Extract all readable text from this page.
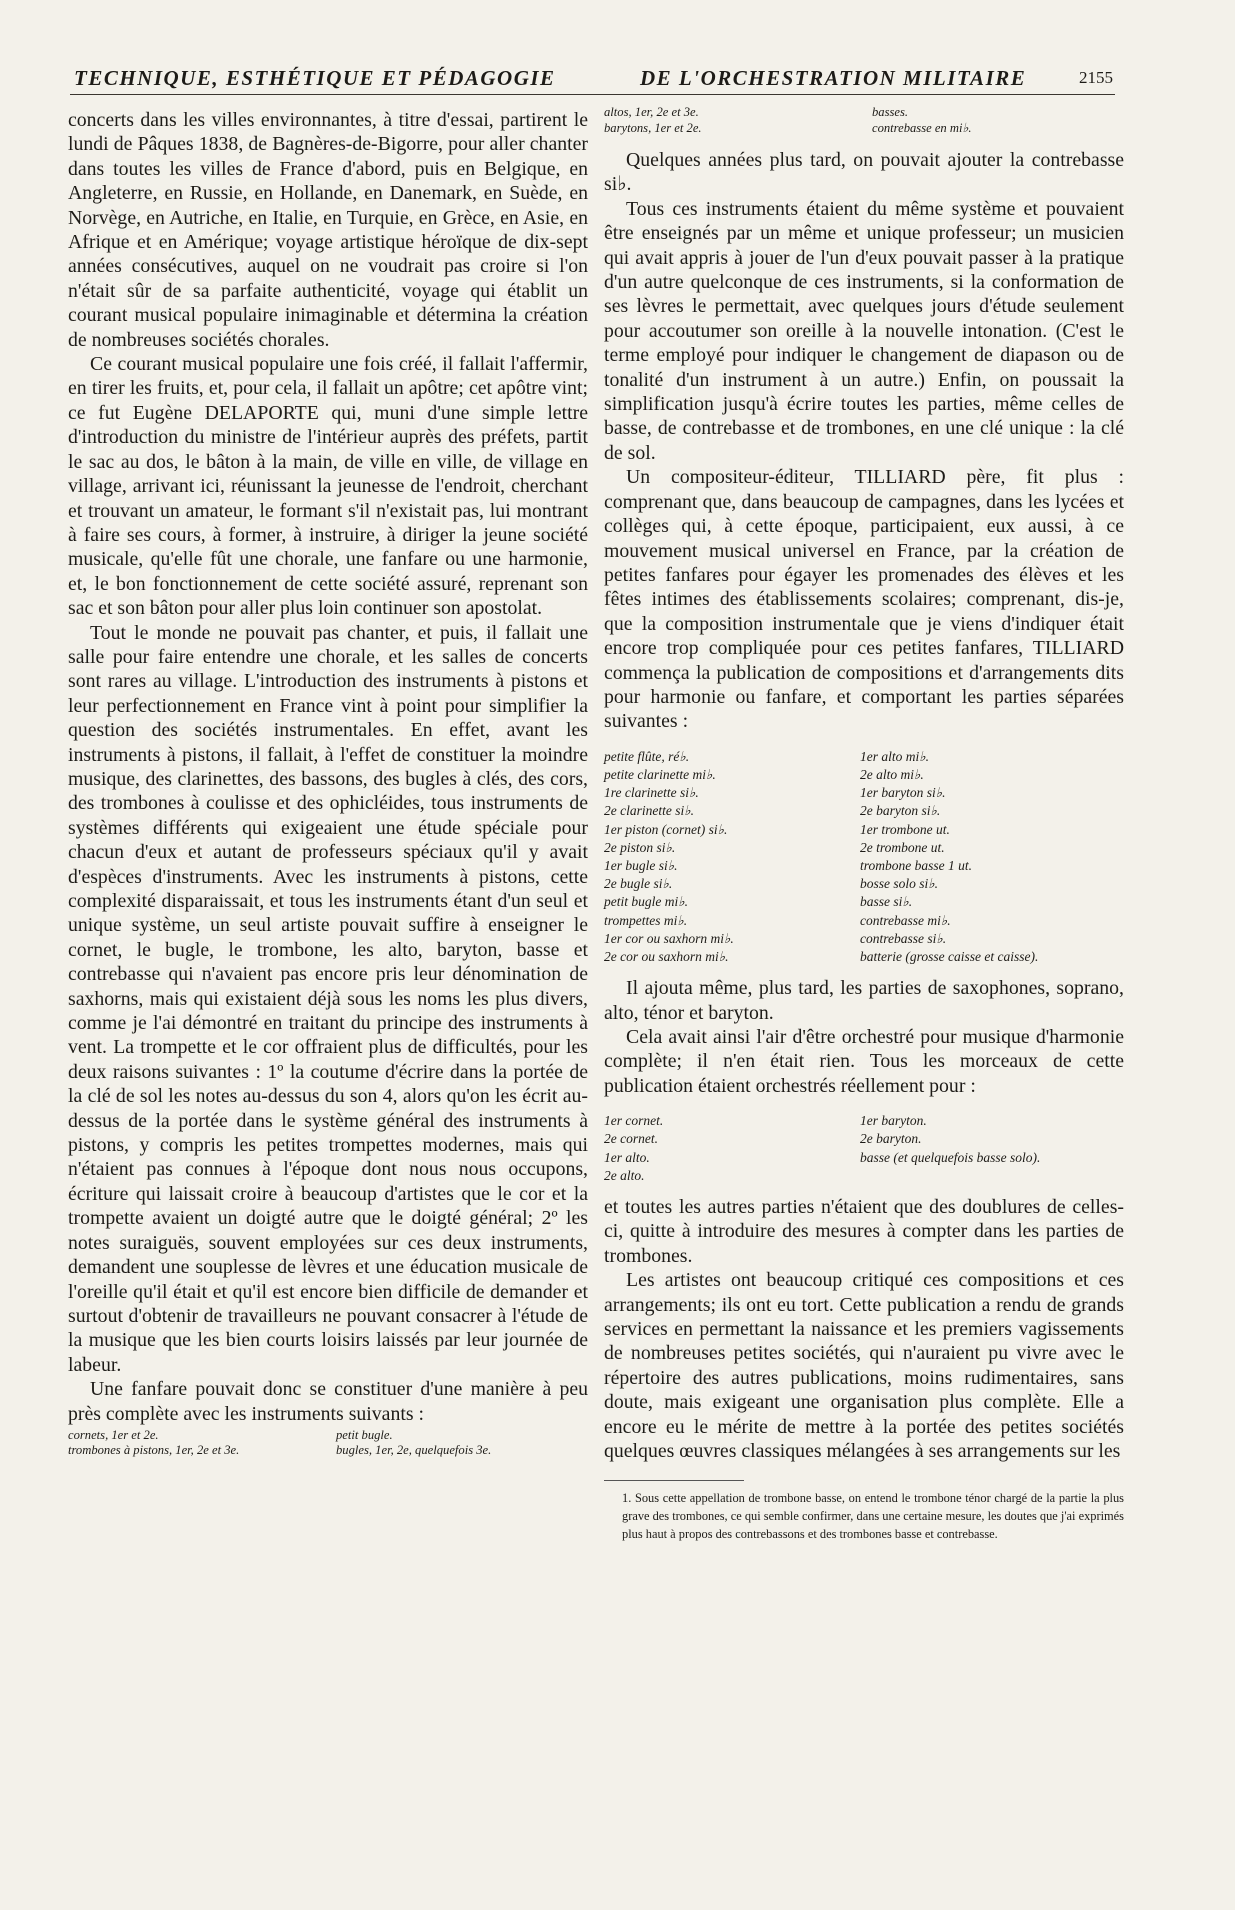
TECHNIQUE, ESTHÉTIQUE ET PÉDAGOGIE	DE L'ORCHESTRATION MILITAIRE	2155

concerts dans les villes environnantes, à titre d'essai, partirent le lundi de Pâques 1838, de Bagnères-de-Bigorre, pour aller chanter dans toutes les villes de France d'abord, puis en Belgique, en Angleterre, en Russie, en Hollande, en Danemark, en Suède, en Norvège, en Autriche, en Italie, en Turquie, en Grèce, en Asie, en Afrique et en Amérique; voyage artistique héroïque de dix-sept années consécutives, auquel on ne voudrait pas croire si l'on n'était sûr de sa parfaite authenticité, voyage qui établit un courant musical populaire inimaginable et détermina la création de nombreuses sociétés chorales.

Ce courant musical populaire une fois créé, il fallait l'affermir, en tirer les fruits, et, pour cela, il fallait un apôtre; cet apôtre vint; ce fut Eugène DELAPORTE qui, muni d'une simple lettre d'introduction du ministre de l'intérieur auprès des préfets, partit le sac au dos, le bâton à la main, de ville en ville, de village en village, arrivant ici, réunissant la jeunesse de l'endroit, cherchant et trouvant un amateur, le formant s'il n'existait pas, lui montrant à faire ses cours, à former, à instruire, à diriger la jeune société musicale, qu'elle fût une chorale, une fanfare ou une harmonie, et, le bon fonctionnement de cette société assuré, reprenant son sac et son bâton pour aller plus loin continuer son apostolat.

Tout le monde ne pouvait pas chanter, et puis, il fallait une salle pour faire entendre une chorale, et les salles de concerts sont rares au village. L'introduction des instruments à pistons et leur perfectionnement en France vint à point pour simplifier la question des sociétés instrumentales. En effet, avant les instruments à pistons, il fallait, à l'effet de constituer la moindre musique, des clarinettes, des bassons, des bugles à clés, des cors, des trombones à coulisse et des ophicléides, tous instruments de systèmes différents qui exigeaient une étude spéciale pour chacun d'eux et autant de professeurs spéciaux qu'il y avait d'espèces d'instruments. Avec les instruments à pistons, cette complexité disparaissait, et tous les instruments étant d'un seul et unique système, un seul artiste pouvait suffire à enseigner le cornet, le bugle, le trombone, les alto, baryton, basse et contrebasse qui n'avaient pas encore pris leur dénomination de saxhorns, mais qui existaient déjà sous les noms les plus divers, comme je l'ai démontré en traitant du principe des instruments à vent. La trompette et le cor offraient plus de difficultés, pour les deux raisons suivantes : 1º la coutume d'écrire dans la portée de la clé de sol les notes au-dessus du son 4, alors qu'on les écrit au-dessus de la portée dans le système général des instruments à pistons, y compris les petites trompettes modernes, mais qui n'étaient pas connues à l'époque dont nous nous occupons, écriture qui laissait croire à beaucoup d'artistes que le cor et la trompette avaient un doigté autre que le doigté général; 2º les notes suraiguës, souvent employées sur ces deux instruments, demandent une souplesse de lèvres et une éducation musicale de l'oreille qu'il était et qu'il est encore bien difficile de demander et surtout d'obtenir de travailleurs ne pouvant consacrer à l'étude de la musique que les bien courts loisirs laissés par leur journée de labeur.

Une fanfare pouvait donc se constituer d'une manière à peu près complète avec les instruments suivants :

cornets, 1er et 2e.	petit bugle.
trombones à pistons, 1er, 2e et 3e.	bugles, 1er, 2e, quelquefois 3e.
altos, 1er, 2e et 3e.	basses.
barytons, 1er et 2e.	contrebasse en mi♭.

Quelques années plus tard, on pouvait ajouter la contrebasse si♭.

Tous ces instruments étaient du même système et pouvaient être enseignés par un même et unique professeur; un musicien qui avait appris à jouer de l'un d'eux pouvait passer à la pratique d'un autre quelconque de ces instruments, si la conformation de ses lèvres le permettait, avec quelques jours d'étude seulement pour accoutumer son oreille à la nouvelle intonation. (C'est le terme employé pour indiquer le changement de diapason ou de tonalité d'un instrument à un autre.) Enfin, on poussait la simplification jusqu'à écrire toutes les parties, même celles de basse, de contrebasse et de trombones, en une clé unique : la clé de sol.

Un compositeur-éditeur, TILLIARD père, fit plus : comprenant que, dans beaucoup de campagnes, dans les lycées et collèges qui, à cette époque, participaient, eux aussi, à ce mouvement musical universel en France, par la création de petites fanfares pour égayer les promenades des élèves et les fêtes intimes des établissements scolaires; comprenant, dis-je, que la composition instrumentale que je viens d'indiquer était encore trop compliquée pour ces petites fanfares, TILLIARD commença la publication de compositions et d'arrangements dits pour harmonie ou fanfare, et comportant les parties séparées suivantes :

petite flûte, ré♭.	1er alto mi♭.
petite clarinette mi♭.	2e alto mi♭.
1re clarinette si♭.	1er baryton si♭.
2e clarinette si♭.	2e baryton si♭.
1er piston (cornet) si♭.	1er trombone ut.
2e piston si♭.	2e trombone ut.
1er bugle si♭.	trombone basse 1 ut.
2e bugle si♭.	bosse solo si♭.
petit bugle mi♭.	basse si♭.
trompettes mi♭.	contrebasse mi♭.
1er cor ou saxhorn mi♭.	contrebasse si♭.
2e cor ou saxhorn mi♭.	batterie (grosse caisse et caisse).

Il ajouta même, plus tard, les parties de saxophones, soprano, alto, ténor et baryton.

Cela avait ainsi l'air d'être orchestré pour musique d'harmonie complète; il n'en était rien. Tous les morceaux de cette publication étaient orchestrés réellement pour :

1er cornet.	1er baryton.
2e cornet.	2e baryton.
1er alto.	basse (et quelquefois basse solo).
2e alto.

et toutes les autres parties n'étaient que des doublures de celles-ci, quitte à introduire des mesures à compter dans les parties de trombones.

Les artistes ont beaucoup critiqué ces compositions et ces arrangements; ils ont eu tort. Cette publication a rendu de grands services en permettant la naissance et les premiers vagissements de nombreuses petites sociétés, qui n'auraient pu vivre avec le répertoire des autres publications, moins rudimentaires, sans doute, mais exigeant une organisation plus complète. Elle a encore eu le mérite de mettre à la portée des petites sociétés quelques œuvres classiques mélangées à ses arrangements sur les

1. Sous cette appellation de trombone basse, on entend le trombone ténor chargé de la partie la plus grave des trombones, ce qui semble confirmer, dans une certaine mesure, les doutes que j'ai exprimés plus haut à propos des contrebassons et des trombones basse et contrebasse.
